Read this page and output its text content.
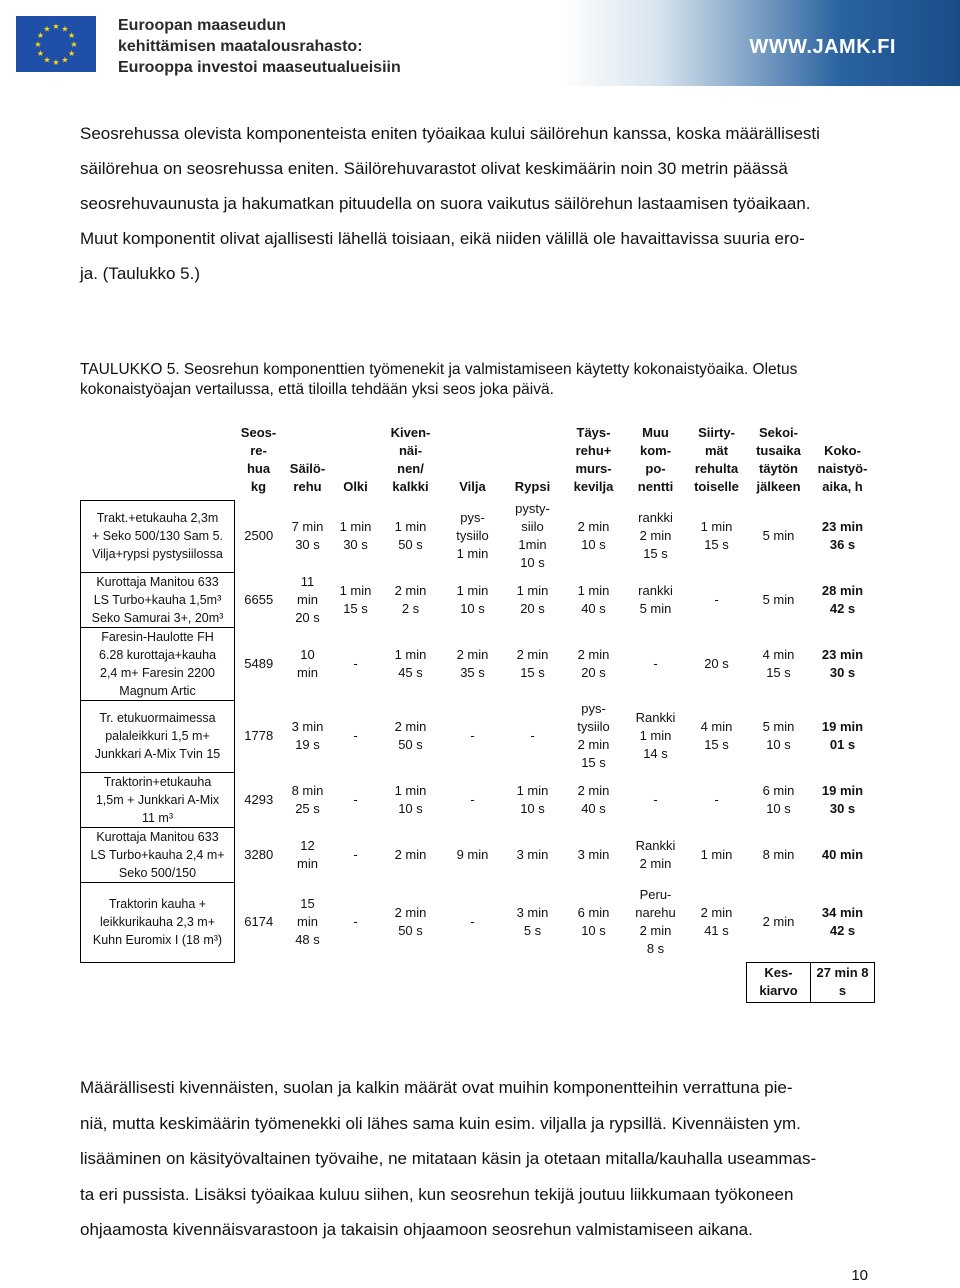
★ ★
★
★
★
★
★
★
★
★
★
★	Euroopan maaseudun
kehittämisen maatalousrahasto:
Eurooppa investoi maaseutualueisiin
WWW.JAMK.FI

Seosrehussa olevista komponenteista eniten työaikaa kului säilörehun kanssa, koska määrällisesti

säilörehua on seosrehussa eniten. Säilörehuvarastot olivat keskimäärin noin 30 metrin päässä

seosrehuvaunusta ja hakumatkan pituudella on suora vaikutus säilörehun lastaamisen työaikaan.

Muut komponentit olivat ajallisesti lähellä toisiaan, eikä niiden välillä ole havaittavissa suuria ero-

ja. (Taulukko 5.)

TAULUKKO 5. Seosrehun komponenttien työmenekit ja valmistamiseen käytetty kokonaistyöaika. Oletus
kokonaistyöajan vertailussa, että tiloilla tehdään yksi seos joka päivä.
	Seos-
re-
hua
kg	Säilö-
rehu	Olki	Kiven-
näi-
nen/
kalkki	Vilja	Rypsi	Täys-
rehu+
murs-
kevilja	Muu
kom-
po-
nentti	Siirty-
mät
rehulta
toiselle	Sekoi-
tusaika
täytön
jälkeen	Koko-
naistyö-
aika, h
Trakt.+etukauha 2,3m
+ Seko 500/130 Sam 5.
Vilja+rypsi pystysiilossa	2500	7 min
30 s	1 min
30 s	1 min
50 s	pys-
tysiilo
1 min	pysty-
siilo
1min
10 s	2 min
10 s	rankki
2 min
15 s	1 min
15 s	5 min	23 min
36 s
Kurottaja Manitou 633
LS Turbo+kauha 1,5m³
Seko Samurai 3+, 20m³	6655	11
min
20 s	1 min
15 s	2 min
2 s	1 min
10 s	1 min
20 s	1 min
40 s	rankki
5 min	-	5 min	28 min
42 s
Faresin-Haulotte FH
6.28 kurottaja+kauha
2,4 m+ Faresin 2200
Magnum Artic	5489	10
min	-	1 min
45 s	2 min
35 s	2 min
15 s	2 min
20 s	-	20 s	4 min
15 s	23 min
30 s
Tr. etukuormaimessa
palaleikkuri 1,5 m+
Junkkari A-Mix Tvin 15	1778	3 min
19 s	-	2 min
50 s	-	-	pys-
tysiilo
2 min
15 s	Rankki
1 min
14 s	4 min
15 s	5 min
10 s	19 min
01 s
Traktorin+etukauha
1,5m + Junkkari A-Mix
11 m³	4293	8 min
25 s	-	1 min
10 s	-	1 min
10 s	2 min
40 s	-	-	6 min
10 s	19 min
30 s
Kurottaja Manitou 633
LS Turbo+kauha 2,4 m+
Seko 500/150	3280	12
min	-	2 min	9 min	3 min	3 min	Rankki
2 min	1 min	8 min	40 min
Traktorin kauha +
leikkurikauha 2,3 m+
Kuhn Euromix I (18 m³)	6174	15
min
48 s	-	2 min
50 s	-	3 min
5 s	6 min
10 s	Peru-
narehu
2 min
8 s	2 min
41 s	2 min	34 min
42 s
										Kes-
kiarvo	27 min 8 s

Määrällisesti kivennäisten, suolan ja kalkin määrät ovat muihin komponentteihin verrattuna pie-

niä, mutta keskimäärin työmenekki oli lähes sama kuin esim. viljalla ja rypsillä. Kivennäisten ym.

lisääminen on käsityövaltainen työvaihe, ne mitataan käsin ja otetaan mitalla/kauhalla useammas-

ta eri pussista. Lisäksi työaikaa kuluu siihen, kun seosrehun tekijä joutuu liikkumaan työkoneen

ohjaamosta kivennäisvarastoon ja takaisin ohjaamoon seosrehun valmistamiseen aikana.

10
